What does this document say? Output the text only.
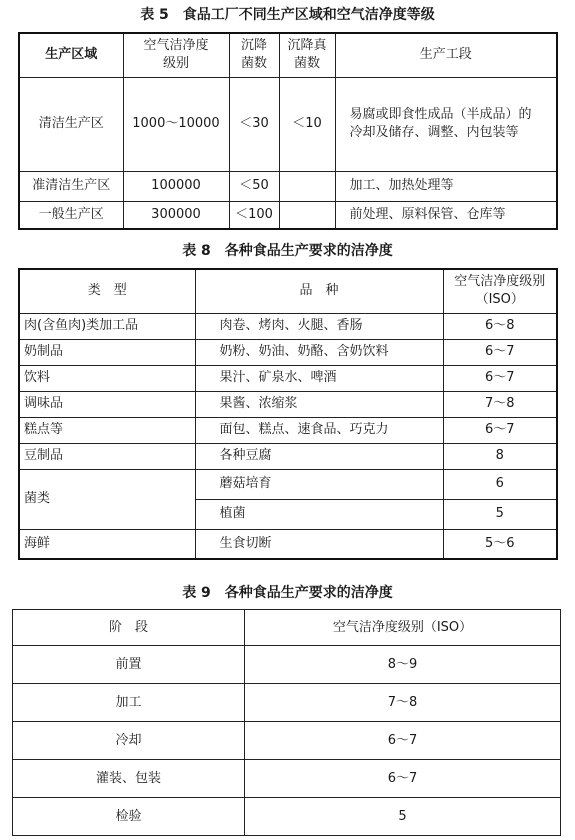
表 5　食品工厂不同生产区域和空气洁净度等级
生产区域	空气洁净度级别	沉降菌数	沉降真菌数	生产工段
清洁生产区	1000～10000	＜30	＜10	易腐或即食性成品（半成品）的冷却及储存、调整、内包装等
准清洁生产区	100000	＜50		加工、加热处理等
一般生产区	300000	＜100		前处理、原料保管、仓库等
表 8　各种食品生产要求的洁净度
类　型	品　种	空气洁净度级别（ISO）
肉(含鱼肉)类加工品	肉卷、烤肉、火腿、香肠	6～8
奶制品	奶粉、奶油、奶酪、含奶饮料	6～7
饮料	果汁、矿泉水、啤酒	6～7
调味品	果酱、浓缩浆	7～8
糕点等	面包、糕点、速食品、巧克力	6～7
豆制品	各种豆腐	8
菌类	蘑菇培育	6
	植菌	5
海鲜	生食切断	5～6
表 9　各种食品生产要求的洁净度
阶　段	空气洁净度级别（ISO）
前置	8～9
加工	7～8
冷却	6～7
灌装、包装	6～7
检验	5
